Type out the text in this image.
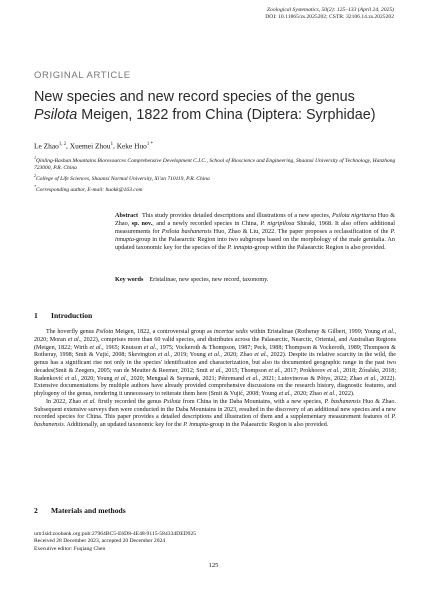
Zoological Systematics, 50(2): 125–133 (April 24, 2025)
DOI: 10.11865/zs.2025202; CSTR: 32106.14.zs.2025202
ORIGINAL ARTICLE
New species and new record species of the genus Psilota Meigen, 1822 from China (Diptera: Syrphidae)
Le Zhao$^{1, 2}$, Xuemei Zhou$^1$, Keke Huo$^{1 *}$
$^1$Qinling-Bashan Mountains Bioresources Comprehensive Development C.I.C., School of Bioscience and Engineering, Shaanxi University of Technology, Hanzhong 723000, P.R. China
$^2$College of Life Sciences, Shaanxi Normal University, Xi'an 710119, P.R. China
*Corresponding author, E-mail: huokk@163.com
Abstract This study provides detailed descriptions and illustrations of a new species, Psilota nigritarsa Huo & Zhao, sp. nov., and a newly recorded species in China, P. nigripilosa Shiraki, 1968. It also offers additional measurements for Psilota bashanensis Huo, Zhao & Liu, 2022. The paper proposes a reclassification of the P. innupta-group in the Palaearctic Region into two subgroups based on the morphology of the male genitalia. An updated taxonomic key for the species of the P. innupta-group within the Palaearctic Region is also provided.
Key words Eristalinae, new species, new record, taxonomy.
1 Introduction

The hoverfly genus Psilota Meigen, 1822, a controversial group as incertae sedis within Eristalinae (Rotheray & Gilbert, 1999; Young et al., 2020; Moran et al., 2022), comprises more than 60 valid species, and distributes across the Palaearctic, Nearctic, Oriental, and Australian Regions (Meigen, 1822; Wirth et al., 1965; Knutson et al., 1975; Vockeroth & Thompson, 1987; Peck, 1988; Thompson & Vockeroth, 1989; Thompson & Rotheray, 1998; Smit & Vujić, 2008; Skevington et al., 2019; Young et al., 2020; Zhao et al., 2022). Despite its relative scarcity in the wild, the genus has a significant rise not only in the species' identification and characterization, but also its documented geographic range in the past two decades(Smit & Zeegers, 2005; van de Meutter & Reemer, 2012; Smit et al., 2015; Thompson et al., 2017; Prokhorov et al., 2018; Żóralski, 2018; Radenković et al., 2020; Young et al., 2020; Mengual & Ssymank, 2021; Pétremand et al., 2021; Lutovinovas & Põtys, 2022; Zhao et al., 2022). Extensive documentations by multiple authors have already provided comprehensive discussions on the research history, diagnostic features, and phylogeny of the genus, rendering it unnecessary to reiterate them here (Smit & Vujić, 2008; Young et al., 2020; Zhao et al., 2022).

In 2022, Zhao et al. firstly recorded the genus Psilota from China in the Daba Mountains, with a new species, P. bashanensis Huo & Zhao. Subsequent extensive surveys then were conducted in the Daba Mountains in 2023, resulted in the discovery of an additional new species and a new recorded species for China. This paper provides a detailed descriptions and illustration of them and a supplementary measurement features of P. bashanensis. Additionally, an updated taxonomic key for the P. innupta-group in the Palaearctic Region is also provided.

2 Materials and methods
urn:lsid:zoobank.org:pub:27964BC5-E6D8-4E48-9115-584334DED925
Received 28 December 2023, accepted 20 December 2024
Executive editor: Fuqiang Chen
125
